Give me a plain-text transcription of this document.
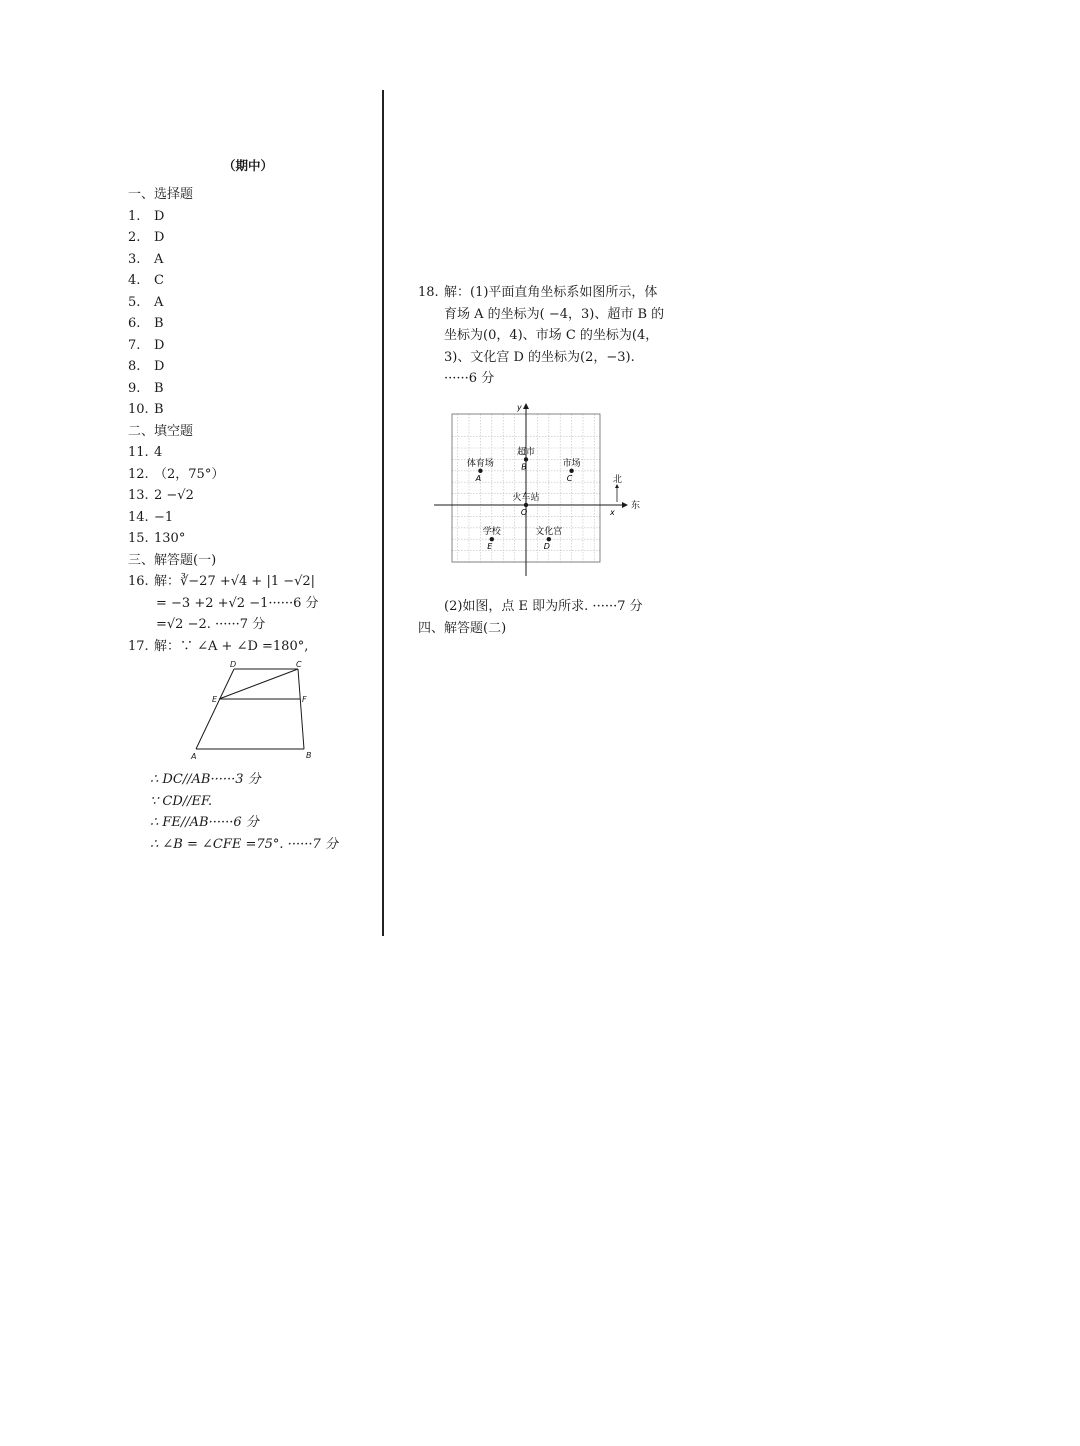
（期中）
一、选择题
1.	D
2.	D
3.	A
4.	C
5.	A
6.	B
7.	D
8.	D
9.	B
10. B
二、填空题
11. 4
12. （2，75°）
13. 2 −√2
14. −1
15. 130°
三、解答题(一)
16. 解：∛−27 +√4 + |1 −√2|
= −3 +2 +√2 −1······6 分
=√2 −2. ······7 分
17. 解：∵ ∠A + ∠D =180°,
A	B
C
D
E	F
∴ DC//AB······3 分
∵ CD//EF.
∴ FE//AB······6 分
∴ ∠B = ∠CFE =75°. ······7 分
18. 解：(1)平面直角坐标系如图所示，体
育场 A 的坐标为( −4，3)、超市 B 的
坐标为(0，4)、市场 C 的坐标为(4，
3)、文化宫 D 的坐标为(2，−3).
······6 分
x
y
北
东
体育场
A
超市
B	市场
C
火车站
O
学校
E
文化宫
D
(2)如图，点 E 即为所求. ······7 分
四、解答题(二)
